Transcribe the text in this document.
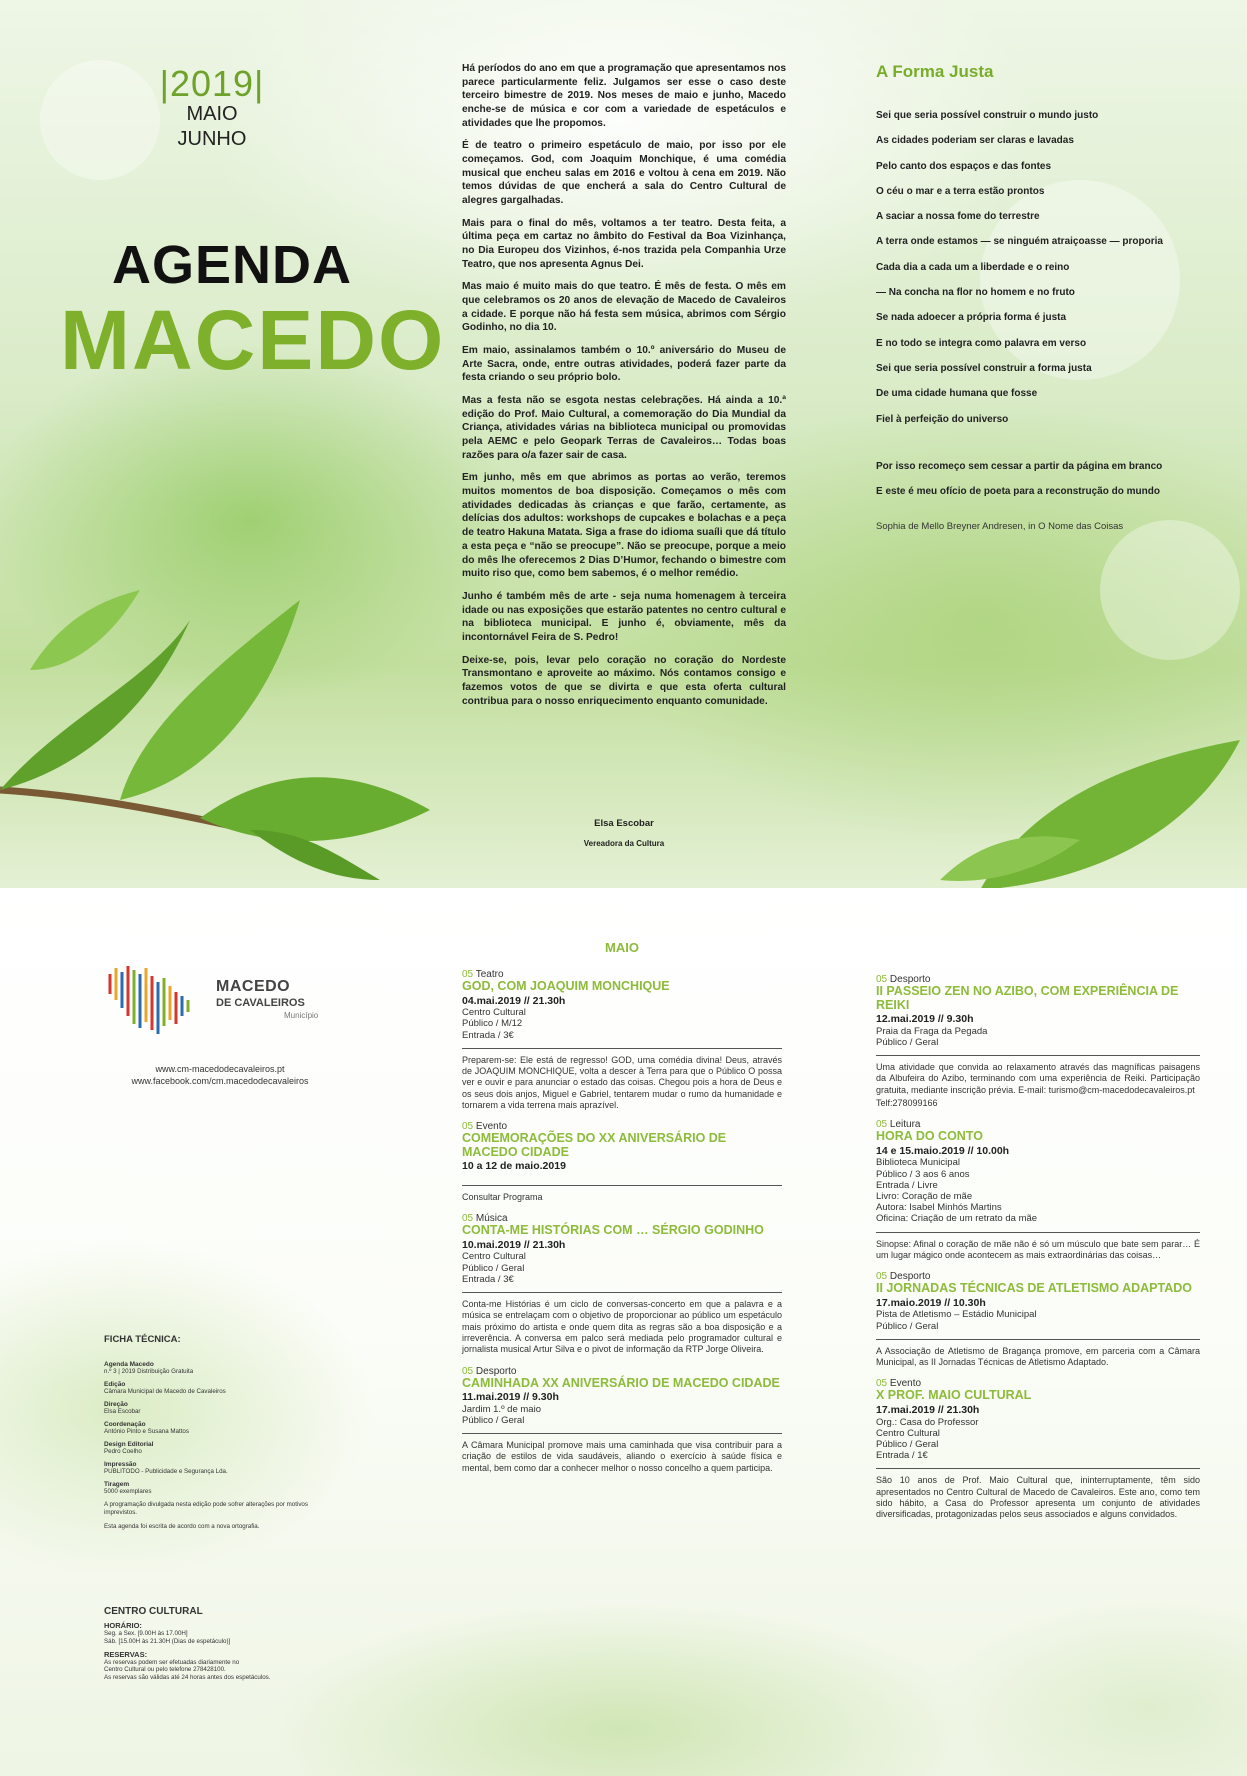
|2019|
MAIO
JUNHO
AGENDA
MACEDO

Há períodos do ano em que a programação que apresentamos nos parece particularmente feliz. Julgamos ser esse o caso deste terceiro bimestre de 2019. Nos meses de maio e junho, Macedo enche-se de música e cor com a variedade de espetáculos e atividades que lhe propomos.

É de teatro o primeiro espetáculo de maio, por isso por ele começamos. God, com Joaquim Monchique, é uma comédia musical que encheu salas em 2016 e voltou à cena em 2019. Não temos dúvidas de que encherá a sala do Centro Cultural de alegres gargalhadas.

Mais para o final do mês, voltamos a ter teatro. Desta feita, a última peça em cartaz no âmbito do Festival da Boa Vizinhança, no Dia Europeu dos Vizinhos, é-nos trazida pela Companhia Urze Teatro, que nos apresenta Agnus Dei.

Mas maio é muito mais do que teatro. É mês de festa. O mês em que celebramos os 20 anos de elevação de Macedo de Cavaleiros a cidade. E porque não há festa sem música, abrimos com Sérgio Godinho, no dia 10.

Em maio, assinalamos também o 10.º aniversário do Museu de Arte Sacra, onde, entre outras atividades, poderá fazer parte da festa criando o seu próprio bolo.

Mas a festa não se esgota nestas celebrações. Há ainda a 10.ª edição do Prof. Maio Cultural, a comemoração do Dia Mundial da Criança, atividades várias na biblioteca municipal ou promovidas pela AEMC e pelo Geopark Terras de Cavaleiros… Todas boas razões para o/a fazer sair de casa.

Em junho, mês em que abrimos as portas ao verão, teremos muitos momentos de boa disposição. Começamos o mês com atividades dedicadas às crianças e que farão, certamente, as delícias dos adultos: workshops de cupcakes e bolachas e a peça de teatro Hakuna Matata. Siga a frase do idioma suaíli que dá título a esta peça e “não se preocupe”. Não se preocupe, porque a meio do mês lhe oferecemos 2 Dias D’Humor, fechando o bimestre com muito riso que, como bem sabemos, é o melhor remédio.

Junho é também mês de arte - seja numa homenagem à terceira idade ou nas exposições que estarão patentes no centro cultural e na biblioteca municipal. E junho é, obviamente, mês da incontornável Feira de S. Pedro!

Deixe-se, pois, levar pelo coração no coração do Nordeste Transmontano e aproveite ao máximo. Nós contamos consigo e fazemos votos de que se divirta e que esta oferta cultural contribua para o nosso enriquecimento enquanto comunidade.

Elsa Escobar
Vereadora da Cultura
A Forma Justa
Sei que seria possível construir o mundo justo
As cidades poderiam ser claras e lavadas
Pelo canto dos espaços e das fontes
O céu o mar e a terra estão prontos
A saciar a nossa fome do terrestre
A terra onde estamos — se ninguém atraiçoasse — proporia
Cada dia a cada um a liberdade e o reino
— Na concha na flor no homem e no fruto
Se nada adoecer a própria forma é justa
E no todo se integra como palavra em verso
Sei que seria possível construir a forma justa
De uma cidade humana que fosse
Fiel à perfeição do universo
Por isso recomeço sem cessar a partir da página em branco
E este é meu ofício de poeta para a reconstrução do mundo
Sophia de Mello Breyner Andresen, in O Nome das Coisas
MACEDO
DE CAVALEIROS
Município
www.cm-macedodecavaleiros.pt
www.facebook.com/cm.macedodecavaleiros
FICHA TÉCNICA:
Agenda Macedo
n.º 3 | 2019 Distribuição Gratuita
Edição
Câmara Municipal de Macedo de Cavaleiros
Direção
Elsa Escobar
Coordenação
António Pinto e Susana Mattos
Design Editorial
Pedro Coelho
Impressão
PUBLITODO - Publicidade e Segurança Lda.
Tiragem
5000 exemplares
A programação divulgada nesta edição pode sofrer alterações por motivos imprevistos.
Esta agenda foi escrita de acordo com a nova ortografia.
CENTRO CULTURAL
HORÁRIO:
Seg. a Sex. [9.00H às 17.00H]
Sáb. [15.00H às 21.30H (Dias de espetáculo)]
RESERVAS:
As reservas podem ser efetuadas diariamente no
Centro Cultural ou pelo telefone 278428100.
As reservas são válidas até 24 horas antes dos espetáculos.
MAIO
05 Teatro
GOD, COM JOAQUIM MONCHIQUE
04.mai.2019 // 21.30h
Centro Cultural
Público / M/12
Entrada / 3€
Preparem-se: Ele está de regresso! GOD, uma comédia divina! Deus, através de JOAQUIM MONCHIQUE, volta a descer à Terra para que o Público O possa ver e ouvir e para anunciar o estado das coisas. Chegou pois a hora de Deus e os seus dois anjos, Miguel e Gabriel, tentarem mudar o rumo da humanidade e tornarem a vida terrena mais aprazível.
05 Evento
COMEMORAÇÕES DO XX ANIVERSÁRIO DE MACEDO CIDADE
10 a 12 de maio.2019
Consultar Programa
05 Música
CONTA-ME HISTÓRIAS COM … SÉRGIO GODINHO
10.mai.2019 // 21.30h
Centro Cultural
Público / Geral
Entrada / 3€
Conta-me Histórias é um ciclo de conversas-concerto em que a palavra e a música se entrelaçam com o objetivo de proporcionar ao público um espetáculo mais próximo do artista e onde quem dita as regras são a boa disposição e a irreverência. A conversa em palco será mediada pelo programador cultural e jornalista musical Artur Silva e o pivot de informação da RTP Jorge Oliveira.
05 Desporto
CAMINHADA XX ANIVERSÁRIO DE MACEDO CIDADE
11.mai.2019 // 9.30h
Jardim 1.º de maio
Público / Geral
A Câmara Municipal promove mais uma caminhada que visa contribuir para a criação de estilos de vida saudáveis, aliando o exercício à saúde física e mental, bem como dar a conhecer melhor o nosso concelho a quem participa.
05 Desporto
II PASSEIO ZEN NO AZIBO, COM EXPERIÊNCIA DE REIKI
12.mai.2019 // 9.30h
Praia da Fraga da Pegada
Público / Geral
Uma atividade que convida ao relaxamento através das magníficas paisagens da Albufeira do Azibo, terminando com uma experiência de Reiki. Participação gratuita, mediante inscrição prévia. E-mail: turismo@cm-macedodecavaleiros.pt
Telf:278099166
05 Leitura
HORA DO CONTO
14 e 15.maio.2019 // 10.00h
Biblioteca Municipal
Público / 3 aos 6 anos
Entrada / Livre
Livro: Coração de mãe
Autora: Isabel Minhós Martins
Oficina: Criação de um retrato da mãe
Sinopse: Afinal o coração de mãe não é só um músculo que bate sem parar… É um lugar mágico onde acontecem as mais extraordinárias das coisas…
05 Desporto
II JORNADAS TÉCNICAS DE ATLETISMO ADAPTADO
17.maio.2019 // 10.30h
Pista de Atletismo – Estádio Municipal
Público / Geral
A Associação de Atletismo de Bragança promove, em parceria com a Câmara Municipal, as II Jornadas Técnicas de Atletismo Adaptado.
05 Evento
X PROF. MAIO CULTURAL
17.mai.2019 // 21.30h
Org.: Casa do Professor
Centro Cultural
Público / Geral
Entrada / 1€
São 10 anos de Prof. Maio Cultural que, ininterruptamente, têm sido apresentados no Centro Cultural de Macedo de Cavaleiros. Este ano, como tem sido hábito, a Casa do Professor apresenta um conjunto de atividades diversificadas, protagonizadas pelos seus associados e alguns convidados.
